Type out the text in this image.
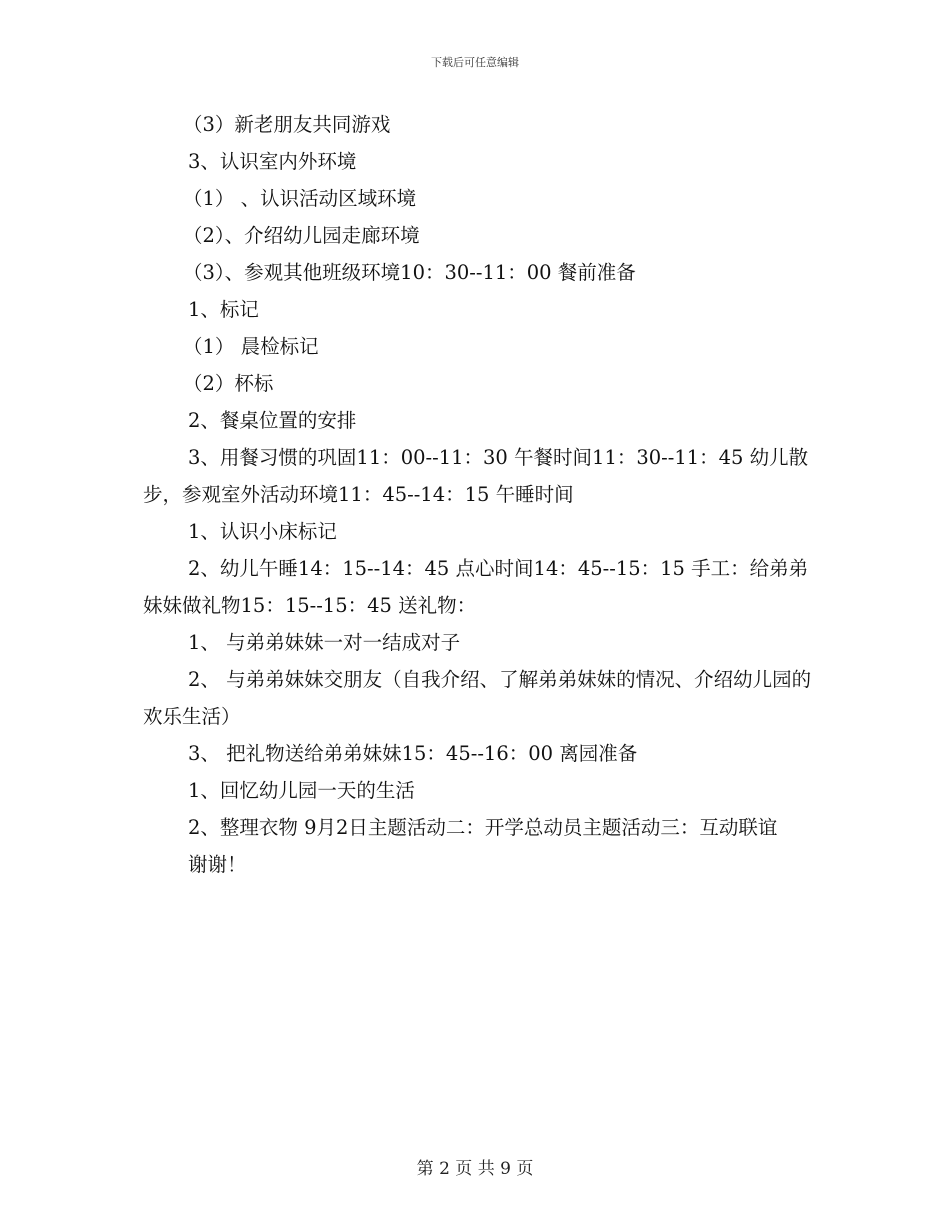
下载后可任意编辑

（3）新老朋友共同游戏

3、认识室内外环境

（1） 、认识活动区域环境

（2）、介绍幼儿园走廊环境

（3）、参观其他班级环境10：30--11：00 餐前准备

1、标记

（1） 晨检标记

（2）杯标

2、餐桌位置的安排

3、用餐习惯的巩固11：00--11：30 午餐时间11：30--11：45 幼儿散步，参观室外活动环境11：45--14：15 午睡时间

1、认识小床标记

2、幼儿午睡14：15--14：45 点心时间14：45--15：15 手工：给弟弟妹妹做礼物15：15--15：45 送礼物：

1、 与弟弟妹妹一对一结成对子

2、 与弟弟妹妹交朋友（自我介绍、了解弟弟妹妹的情况、介绍幼儿园的欢乐生活）

3、 把礼物送给弟弟妹妹15：45--16：00 离园准备

1、回忆幼儿园一天的生活

2、整理衣物 9月2日主题活动二：开学总动员主题活动三：互动联谊

谢谢！

第 2 页 共 9 页
